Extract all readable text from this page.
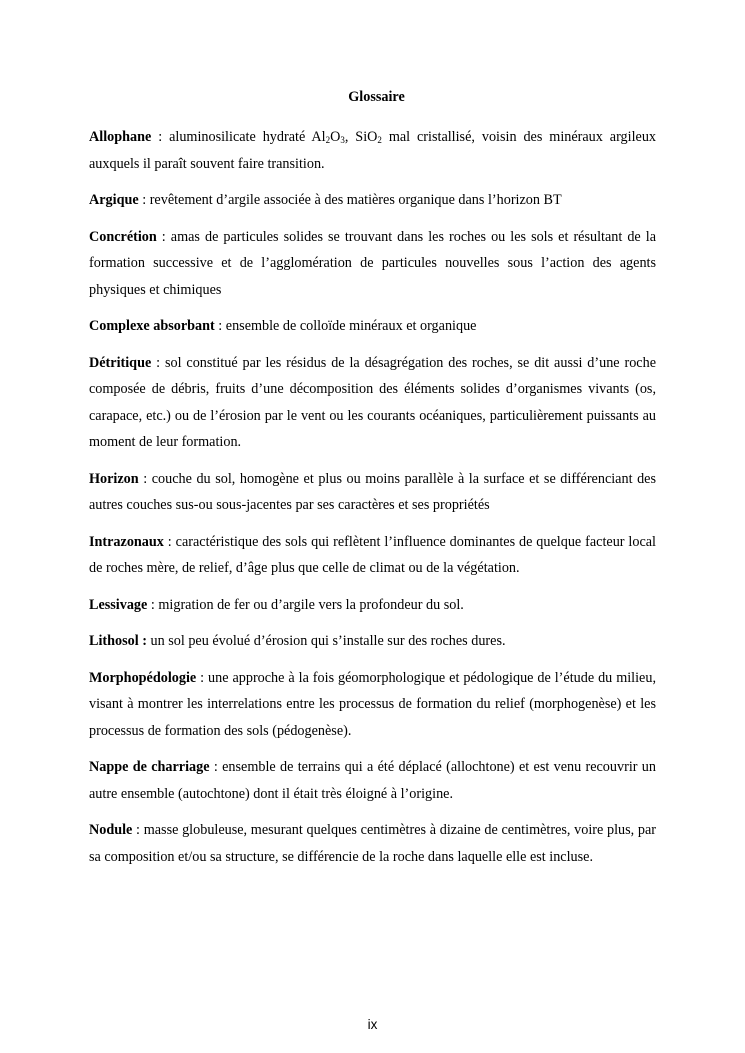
Glossaire

Allophane : aluminosilicate hydraté $Al_2O_3$, SiO$_2$ mal cristallisé, voisin des minéraux argileux auxquels il paraît souvent faire transition.

Argique : revêtement d’argile associée à des matières organique dans l’horizon BT

Concrétion : amas de particules solides se trouvant dans les roches ou les sols et résultant de la formation successive et de l’agglomération de particules nouvelles sous l’action des agents physiques et chimiques

Complexe absorbant : ensemble de colloïde minéraux et organique

Détritique : sol constitué par les résidus de la désagrégation des roches, se dit aussi d’une roche composée de débris, fruits d’une décomposition des éléments solides d’organismes vivants (os, carapace, etc.) ou de l’érosion par le vent ou les courants océaniques, particulièrement puissants au moment de leur formation.

Horizon : couche du sol, homogène et plus ou moins parallèle à la surface et se différenciant des autres couches sus-ou sous-jacentes par ses caractères et ses propriétés

Intrazonaux : caractéristique des sols qui reflètent l’influence dominantes de quelque facteur local de roches mère, de relief, d’âge plus que celle de climat ou de la végétation.

Lessivage : migration de fer ou d’argile vers la profondeur du sol.

Lithosol : un sol peu évolué d’érosion qui s’installe sur des roches dures.

Morphopédologie : une approche à la fois géomorphologique et pédologique de l’étude du milieu, visant à montrer les interrelations entre les processus de formation du relief (morphogenèse) et les processus de formation des sols (pédogenèse).

Nappe de charriage : ensemble de terrains qui a été déplacé (allochtone) et est venu recouvrir un autre ensemble (autochtone) dont il était très éloigné à l’origine.

Nodule : masse globuleuse, mesurant quelques centimètres à dizaine de centimètres, voire plus, par sa composition et/ou sa structure, se différencie de la roche dans laquelle elle est incluse.

ix
